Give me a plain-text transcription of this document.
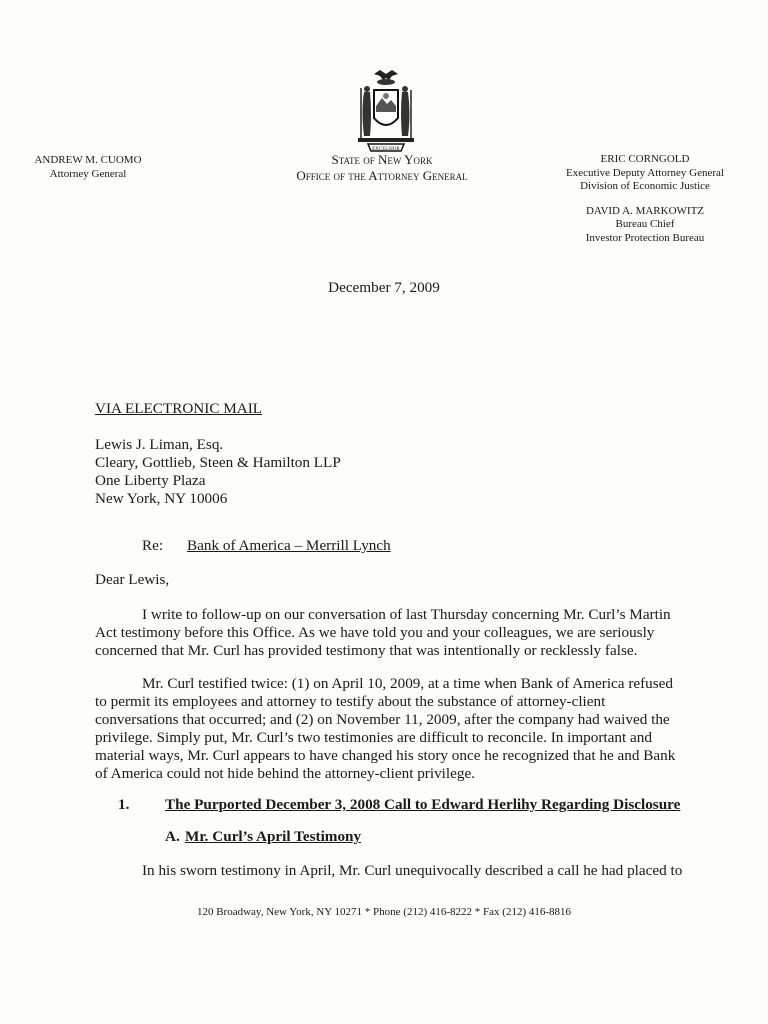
EXCELSIOR
ANDREW M. CUOMO
Attorney General
State of New York
Office of the Attorney General
ERIC CORNGOLD
Executive Deputy Attorney General
Division of Economic Justice
DAVID A. MARKOWITZ
Bureau Chief
Investor Protection Bureau
December 7, 2009
VIA ELECTRONIC MAIL
Lewis J. Liman, Esq.
Cleary, Gottlieb, Steen & Hamilton LLP
One Liberty Plaza
New York, NY 10006
Re: Bank of America – Merrill Lynch
Dear Lewis,
I write to follow-up on our conversation of last Thursday concerning Mr. Curl’s Martin
Act testimony before this Office. As we have told you and your colleagues, we are seriously
concerned that Mr. Curl has provided testimony that was intentionally or recklessly false.
Mr. Curl testified twice: (1) on April 10, 2009, at a time when Bank of America refused
to permit its employees and attorney to testify about the substance of attorney-client
conversations that occurred; and (2) on November 11, 2009, after the company had waived the
privilege. Simply put, Mr. Curl’s two testimonies are difficult to reconcile. In important and
material ways, Mr. Curl appears to have changed his story once he recognized that he and Bank
of America could not hide behind the attorney-client privilege.
1. The Purported December 3, 2008 Call to Edward Herlihy Regarding Disclosure
A. Mr. Curl’s April Testimony
In his sworn testimony in April, Mr. Curl unequivocally described a call he had placed to
120 Broadway, New York, NY 10271 * Phone (212) 416-8222 * Fax (212) 416-8816
